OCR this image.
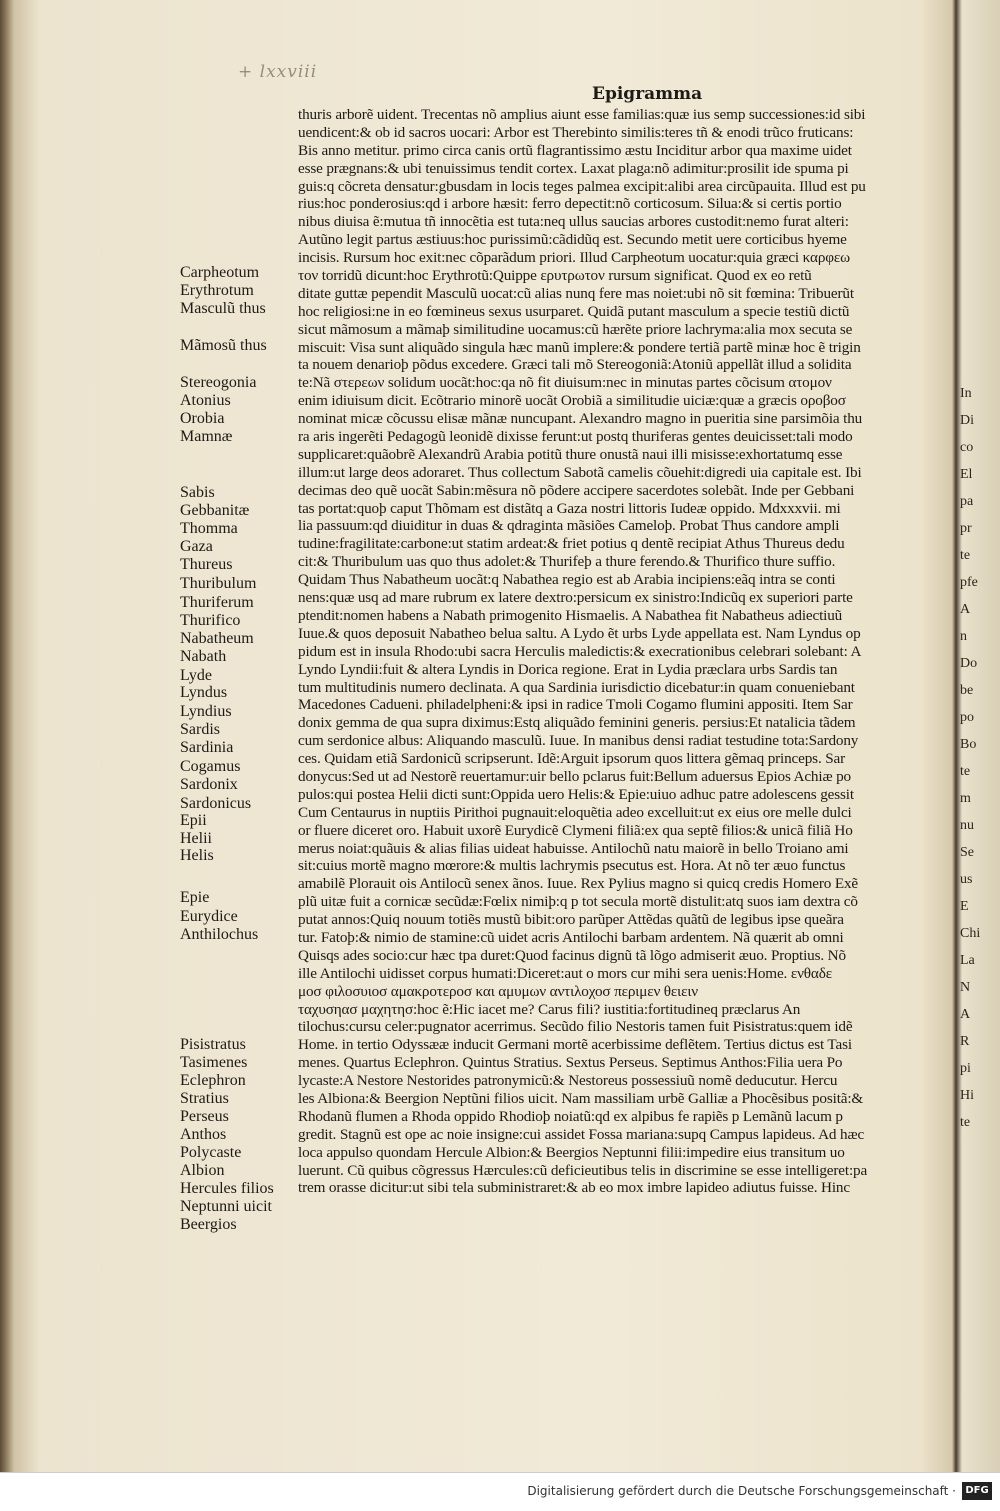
+ lxxviii
Epigramma
Carpheotum
Erythrotum
Masculũ thus
Mãmosũ thus
Stereogonia
Atonius
Orobia
Mamnæ
Sabis
Gebbanitæ
Thomma
Gaza
Thureus
Thuribulum
Thuriferum
Thurifico
Nabatheum
Nabath
Lyde
Lyndus
Lyndius
Sardis
Sardinia
Cogamus
Sardonix
Sardonicus
Epii
Helii
Helis
Epie
Eurydice
Anthilochus
Pisistratus
Tasimenes
Eclephron
Stratius
Perseus
Anthos
Polycaste
Albion
Hercules filios
Neptunni uicit
Beergios
thuris arborẽ uident. Trecentas nõ amplius aiunt esse familias:quæ ius semp successiones:id sibi
uendicent:& ob id sacros uocari: Arbor est Therebinto similis:teres tñ & enodi trũco fruticans:
Bis anno metitur. primo circa canis ortũ flagrantissimo æstu Inciditur arbor qua maxime uidet
esse prægnans:& ubi tenuissimus tendit cortex. Laxat plaga:nõ adimitur:prosilit ide spuma pi
guis:q cõcreta densatur:gbusdam in locis teges palmea excipit:alibi area circũpauita. Illud est pu
rius:hoc ponderosius:qd i arbore hæsit: ferro depectit:nõ corticosum. Silua:& si certis portio
nibus diuisa ẽ:mutua tñ innocẽtia est tuta:neq ullus saucias arbores custodit:nemo furat alteri:
Autũno legit partus æstiuus:hoc purissimũ:cãdidũq est. Secundo metit uere corticibus hyeme
incisis. Rursum hoc exit:nec cõparãdum priori. Illud Carpheotum uocatur:quia græci καρφεω
τον torridũ dicunt:hoc Erythrotũ:Quippe ερυτρωτον rursum significat. Quod ex eo retũ
ditate guttæ pependit Masculũ uocat:cũ alias nunq fere mas noiet:ubi nõ sit fœmina: Tribuerũt
hoc religiosi:ne in eo fœmineus sexus usurparet. Quidã putant masculum a specie testiũ dictũ
sicut mãmosum a mãmaþ similitudine uocamus:cũ hærẽte priore lachryma:alia mox secuta se
miscuit: Visa sunt aliquãdo singula hæc manũ implere:& pondere tertiã partẽ minæ hoc ẽ trigin
ta nouem denarioþ põdus excedere. Græci tali mõ Stereogoniã:Atoniũ appellãt illud a solidita
te:Nã στερεων solidum uocãt:hoc:qa nõ fit diuisum:nec in minutas partes cõcisum ατομον
enim idiuisum dicit. Ecõtrario minorẽ uocãt Orobiã a similitudie uiciæ:quæ a græcis οροβοσ
nominat micæ cõcussu elisæ mãnæ nuncupant. Alexandro magno in pueritia sine parsimõia thu
ra aris ingerẽti Pedagogũ leonidẽ dixisse ferunt:ut postq thuriferas gentes deuicisset:tali modo
supplicaret:quãobrẽ Alexandrũ Arabia potitũ thure onustã naui illi misisse:exhortatumq esse
illum:ut large deos adoraret. Thus collectum Sabotã camelis cõuehit:digredi uia capitale est. Ibi
decimas deo quẽ uocãt Sabin:mẽsura nõ põdere accipere sacerdotes solebãt. Inde per Gebbani
tas portat:quoþ caput Thõmam est distãtq a Gaza nostri littoris Iudeæ oppido. Mdxxxvii. mi
lia passuum:qd diuiditur in duas & qdraginta mãsiões Cameloþ. Probat Thus candore ampli
tudine:fragilitate:carbone:ut statim ardeat:& friet potius q dentẽ recipiat Athus Thureus dedu
cit:& Thuribulum uas quo thus adolet:& Thurifeþ a thure ferendo.& Thurifico thure suffio.
Quidam Thus Nabatheum uocãt:q Nabathea regio est ab Arabia incipiens:eãq intra se conti
nens:quæ usq ad mare rubrum ex latere dextro:persicum ex sinistro:Indicũq ex superiori parte
ptendit:nomen habens a Nabath primogenito Hismaelis. A Nabathea fit Nabatheus adiectiuũ
Iuue.& quos deposuit Nabatheo belua saltu. A Lydo ẽt urbs Lyde appellata est. Nam Lyndus op
pidum est in insula Rhodo:ubi sacra Herculis maledictis:& execrationibus celebrari solebant: A
Lyndo Lyndii:fuit & altera Lyndis in Dorica regione. Erat in Lydia præclara urbs Sardis tan
tum multitudinis numero declinata. A qua Sardinia iurisdictio dicebatur:in quam conueniebant
Macedones Cadueni. philadelpheni:& ipsi in radice Tmoli Cogamo flumini appositi. Item Sar
donix gemma de qua supra diximus:Estq aliquãdo feminini generis. persius:Et natalicia tãdem
cum serdonice albus: Aliquando masculũ. Iuue. In manibus densi radiat testudine tota:Sardony
ces. Quidam etiã Sardonicũ scripserunt. Idẽ:Arguit ipsorum quos littera gẽmaq princeps. Sar
donycus:Sed ut ad Nestorẽ reuertamur:uir bello pclarus fuit:Bellum aduersus Epios Achiæ po
pulos:qui postea Helii dicti sunt:Oppida uero Helis:& Epie:uiuo adhuc patre adolescens gessit
Cum Centaurus in nuptiis Pirithoi pugnauit:eloquẽtia adeo excelluit:ut ex eius ore melle dulci
or fluere diceret oro. Habuit uxorẽ Eurydicẽ Clymeni filiã:ex qua septẽ filios:& unicã filiã Ho
merus noiat:quãuis & alias filias uideat habuisse. Antilochũ natu maiorẽ in bello Troiano ami
sit:cuius mortẽ magno mœrore:& multis lachrymis psecutus est. Hora. At nõ ter æuo functus
amabilẽ Plorauit ois Antilocũ senex ãnos. Iuue. Rex Pylius magno si quicq credis Homero Exẽ
plũ uitæ fuit a cornicæ secũdæ:Fœlix nimiþ:q p tot secula mortẽ distulit:atq suos iam dextra cõ
putat annos:Quiq nouum totiẽs mustũ bibit:oro parũper Attẽdas quãtũ de legibus ipse queãra
tur. Fatoþ:& nimio de stamine:cũ uidet acris Antilochi barbam ardentem. Nã quærit ab omni
Quisqs ades socio:cur hæc tpa duret:Quod facinus dignũ tã lõgo admiserit æuo. Proptius. Nõ
ille Antilochi uidisset corpus humati:Diceret:aut o mors cur mihi sera uenis:Home. ενθαδε
μοσ φιλοσυιοσ αμακροτεροσ και αμυμων αντιλοχοσ περιμεν θειειν
ταχυσηασ μαχητησ:hoc ẽ:Hic iacet me? Carus fili? iustitia:fortitudineq præclarus An
tilochus:cursu celer:pugnator acerrimus. Secũdo filio Nestoris tamen fuit Pisistratus:quem idẽ
Home. in tertio Odyssææ inducit Germani mortẽ acerbissime deflẽtem. Tertius dictus est Tasi
menes. Quartus Eclephron. Quintus Stratius. Sextus Perseus. Septimus Anthos:Filia uera Po
lycaste:A Nestore Nestorides patronymicũ:& Nestoreus possessiuũ nomẽ deducutur. Hercu
les Albiona:& Beergion Neptũni filios uicit. Nam massiliam urbẽ Galliæ a Phocẽsibus positã:&
Rhodanũ flumen a Rhoda oppido Rhodioþ noiatũ:qd ex alpibus fe rapiẽs p Lemãnũ lacum p
gredit. Stagnũ est ope ac noie insigne:cui assidet Fossa mariana:supq Campus lapideus. Ad hæc
loca appulso quondam Hercule Albion:& Beergios Neptunni filii:impedire eius transitum uo
luerunt. Cũ quibus cõgressus Hærcules:cũ deficieutibus telis in discrimine se esse intelligeret:pa
trem orasse dicitur:ut sibi tela subministraret:& ab eo mox imbre lapideo adiutus fuisse. Hinc
In
Di
co
El
pa
pr
te
pfe
A
n
Do
be
po
Bo
te
m
nu
Se
us
E
Chi
La
N
A
R
pi
Hi
te
Digitalisierung gefördert durch die Deutsche Forschungsgemeinschaft · DFG
